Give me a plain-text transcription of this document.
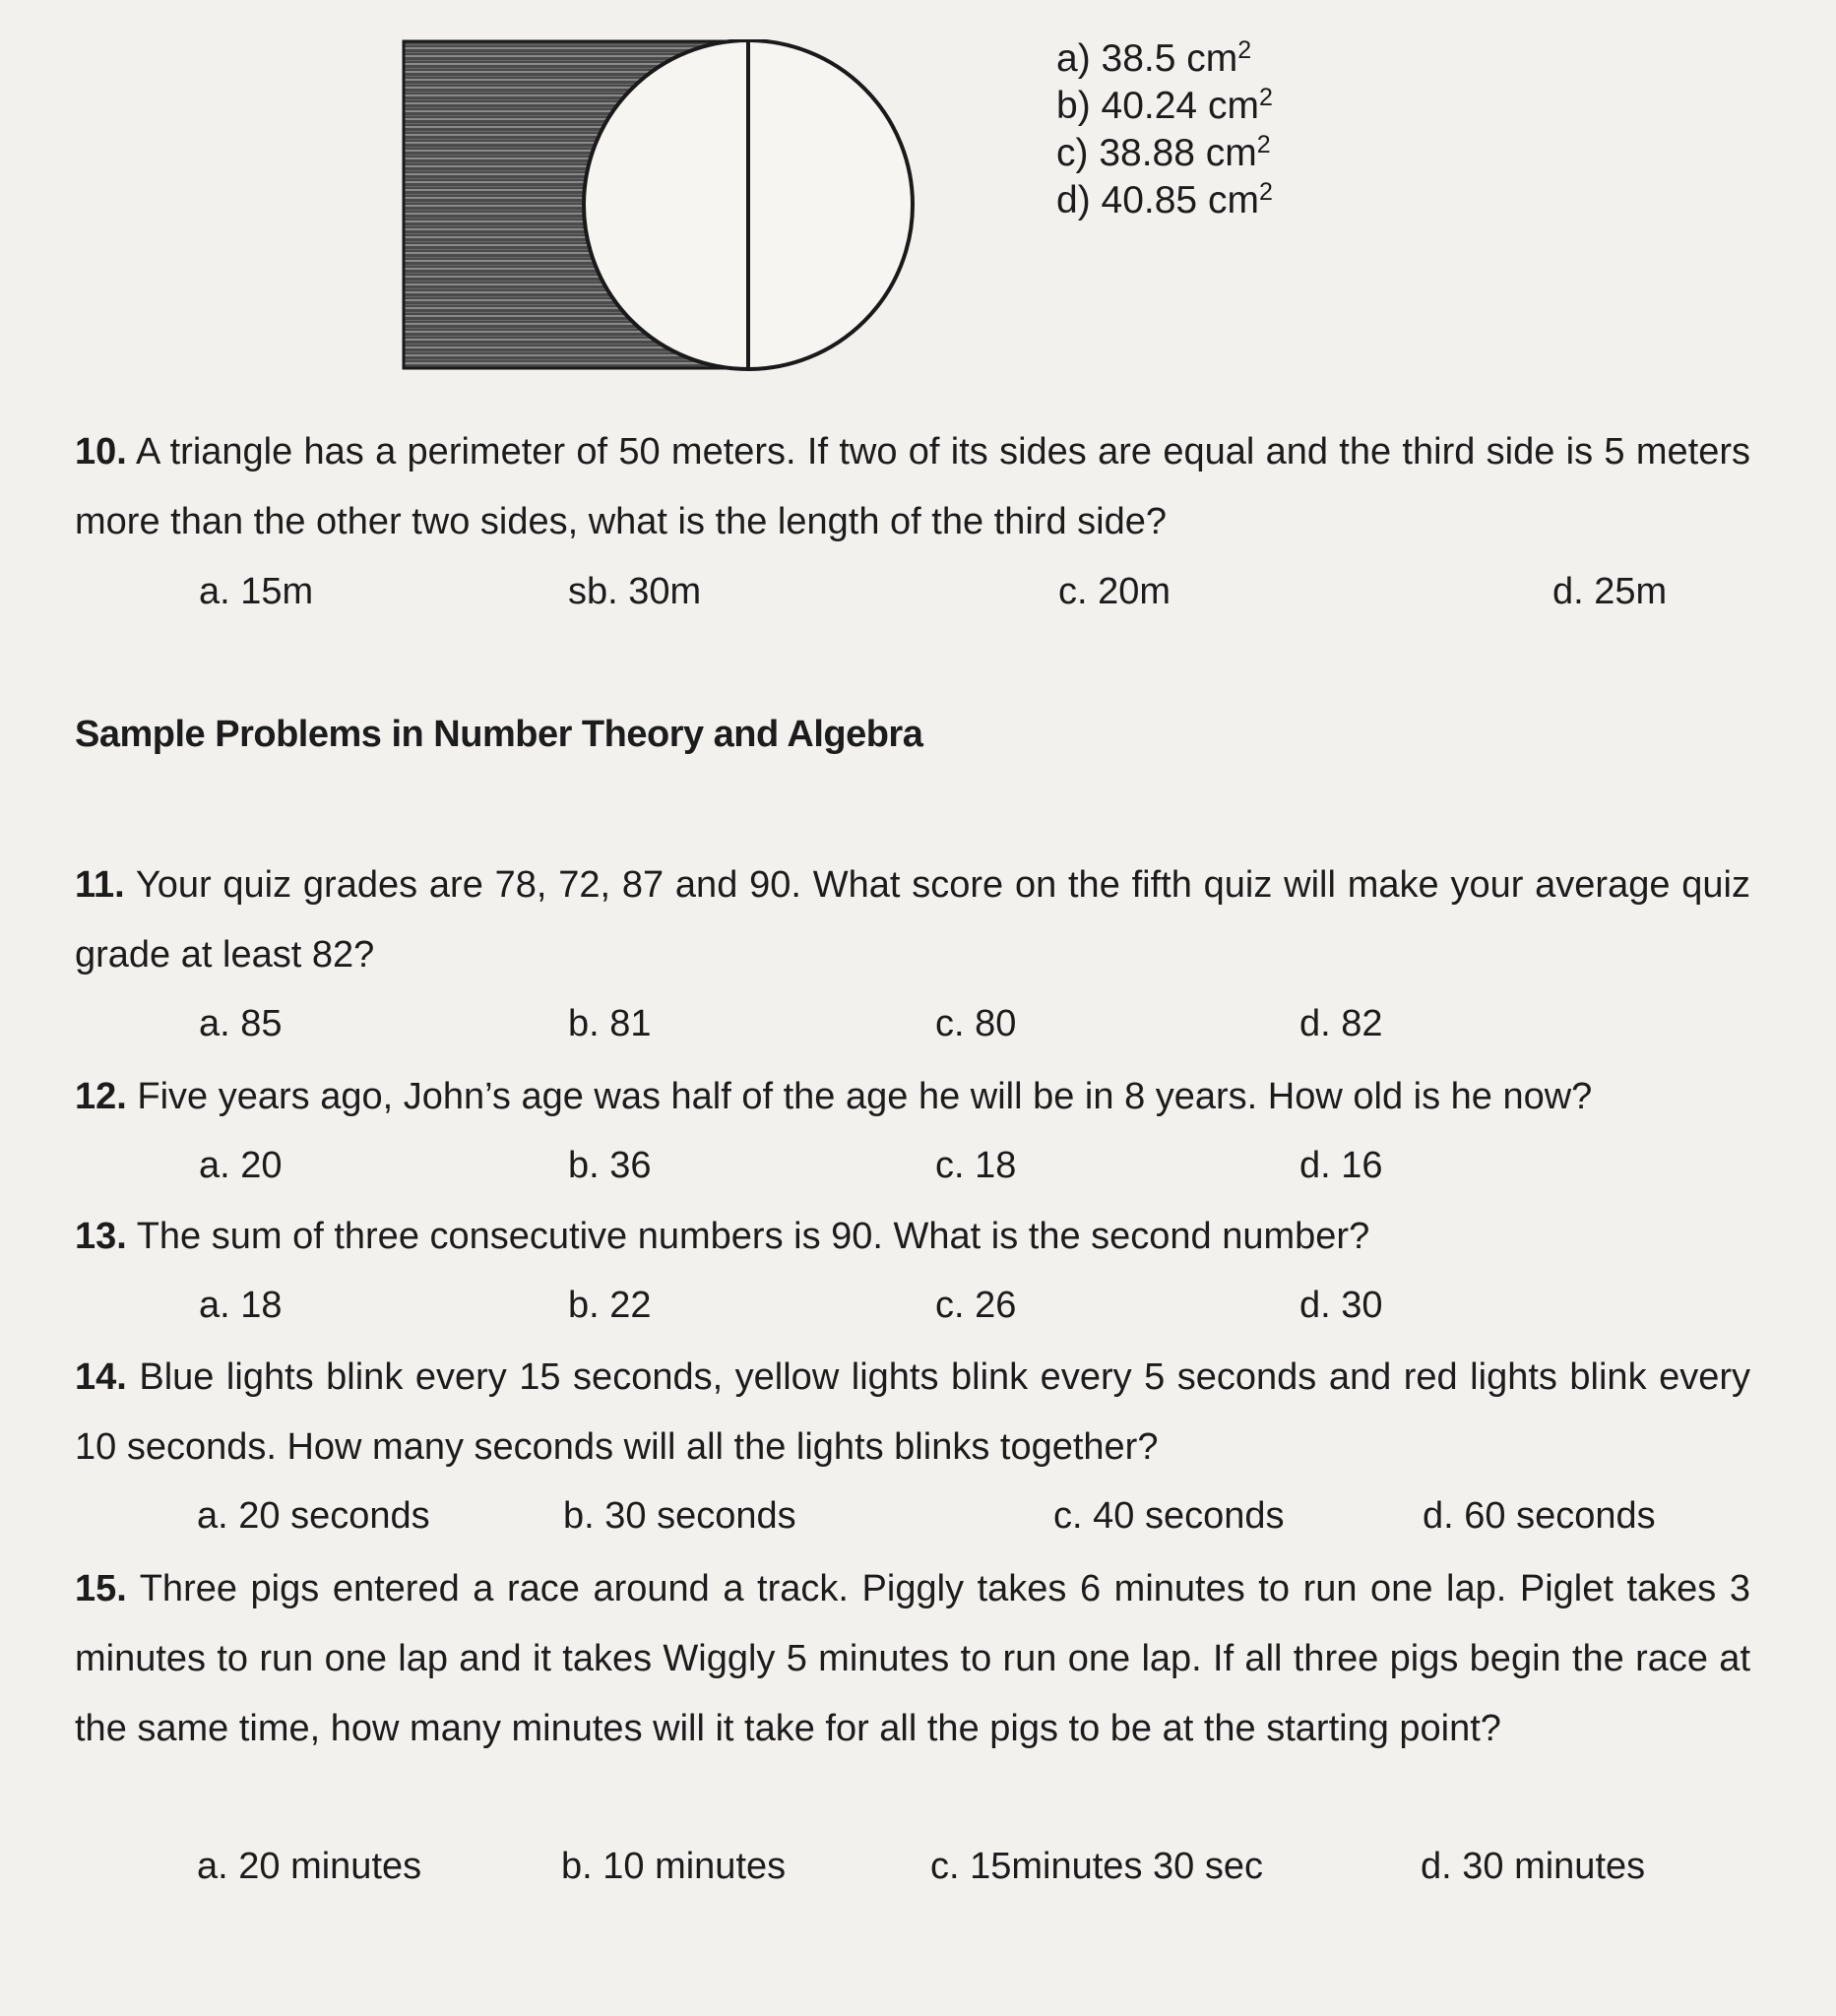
a) 38.5 $cm^2$
b) 40.24 $cm^2$
c) 38.88 $cm^2$
d) 40.85 $cm^2$
10. A triangle has a perimeter of 50 meters. If two of its sides are equal and the third side is 5 meters more than the other two sides, what is the length of the third side?
a. 15m	sb. 30m	c. 20m	d. 25m
Sample Problems in Number Theory and Algebra
11. Your quiz grades are 78, 72, 87 and 90. What score on the fifth quiz will make your average quiz grade at least 82?
a. 85	b. 81	c. 80	d. 82
12. Five years ago, John’s age was half of the age he will be in 8 years. How old is he now?
a. 20	b. 36	c. 18	d. 16
13. The sum of three consecutive numbers is 90. What is the second number?
a. 18	b. 22	c. 26	d. 30
14. Blue lights blink every 15 seconds, yellow lights blink every 5 seconds and red lights blink every 10 seconds. How many seconds will all the lights blinks together?
a. 20 seconds	b. 30 seconds	c. 40 seconds	d. 60 seconds
15. Three pigs entered a race around a track. Piggly takes 6 minutes to run one lap. Piglet takes 3 minutes to run one lap and it takes Wiggly 5 minutes to run one lap. If all three pigs begin the race at the same time, how many minutes will it take for all the pigs to be at the starting point?
a. 20 minutes	b. 10 minutes	c. 15minutes 30 sec	d. 30 minutes
